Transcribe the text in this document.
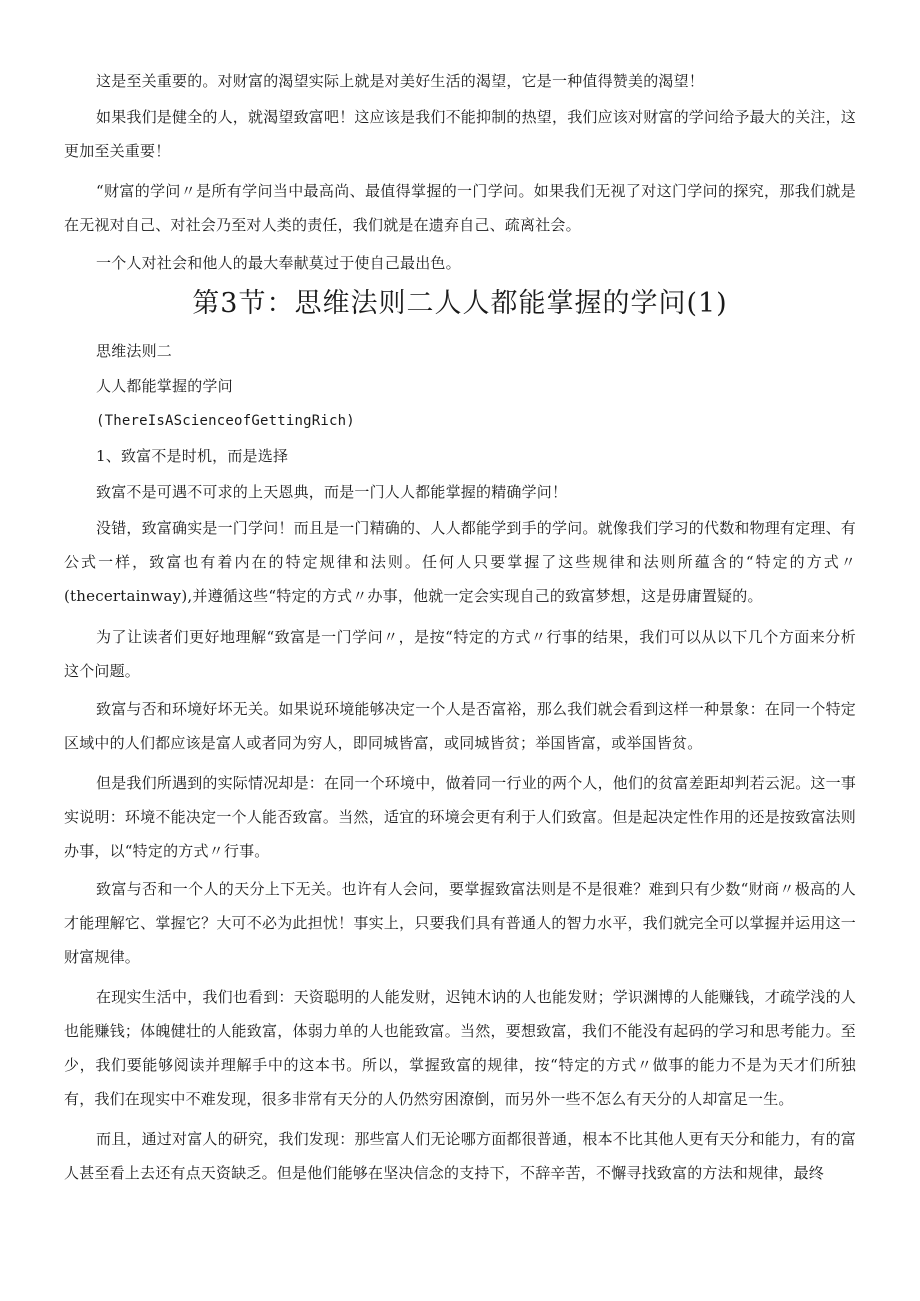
这是至关重要的。对财富的渴望实际上就是对美好生活的渴望，它是一种值得赞美的渴望！

如果我们是健全的人，就渴望致富吧！这应该是我们不能抑制的热望，我们应该对财富的学问给予最大的关注，这更加至关重要！

“财富的学问〃是所有学问当中最高尚、最值得掌握的一门学问。如果我们无视了对这门学问的探究，那我们就是在无视对自己、对社会乃至对人类的责任，我们就是在遗弃自己、疏离社会。

一个人对社会和他人的最大奉献莫过于使自己最出色。

第3节：思维法则二人人都能掌握的学问(1)

思维法则二

人人都能掌握的学问

(ThereIsAScienceofGettingRich)

1、致富不是时机，而是选择

致富不是可遇不可求的上天恩典，而是一门人人都能掌握的精确学问！

没错，致富确实是一门学问！而且是一门精确的、人人都能学到手的学问。就像我们学习的代数和物理有定理、有公式一样，致富也有着内在的特定规律和法则。任何人只要掌握了这些规律和法则所蕴含的“特定的方式〃(thecertainway),并遵循这些“特定的方式〃办事，他就一定会实现自己的致富梦想，这是毋庸置疑的。

为了让读者们更好地理解“致富是一门学问〃，是按“特定的方式〃行事的结果，我们可以从以下几个方面来分析这个问题。

致富与否和环境好坏无关。如果说环境能够决定一个人是否富裕，那么我们就会看到这样一种景象：在同一个特定区域中的人们都应该是富人或者同为穷人，即同城皆富，或同城皆贫；举国皆富，或举国皆贫。

但是我们所遇到的实际情况却是：在同一个环境中，做着同一行业的两个人，他们的贫富差距却判若云泥。这一事实说明：环境不能决定一个人能否致富。当然，适宜的环境会更有利于人们致富。但是起决定性作用的还是按致富法则办事，以“特定的方式〃行事。

致富与否和一个人的天分上下无关。也许有人会问，要掌握致富法则是不是很难？难到只有少数“财商〃极高的人才能理解它、掌握它？大可不必为此担忧！事实上，只要我们具有普通人的智力水平，我们就完全可以掌握并运用这一财富规律。

在现实生活中，我们也看到：天资聪明的人能发财，迟钝木讷的人也能发财；学识渊博的人能赚钱，才疏学浅的人也能赚钱；体魄健壮的人能致富，体弱力单的人也能致富。当然，要想致富，我们不能没有起码的学习和思考能力。至少，我们要能够阅读并理解手中的这本书。所以，掌握致富的规律，按“特定的方式〃做事的能力不是为天才们所独有，我们在现实中不难发现，很多非常有天分的人仍然穷困潦倒，而另外一些不怎么有天分的人却富足一生。

而且，通过对富人的研究，我们发现：那些富人们无论哪方面都很普通，根本不比其他人更有天分和能力，有的富人甚至看上去还有点天资缺乏。但是他们能够在坚决信念的支持下，不辞辛苦，不懈寻找致富的方法和规律，最终
